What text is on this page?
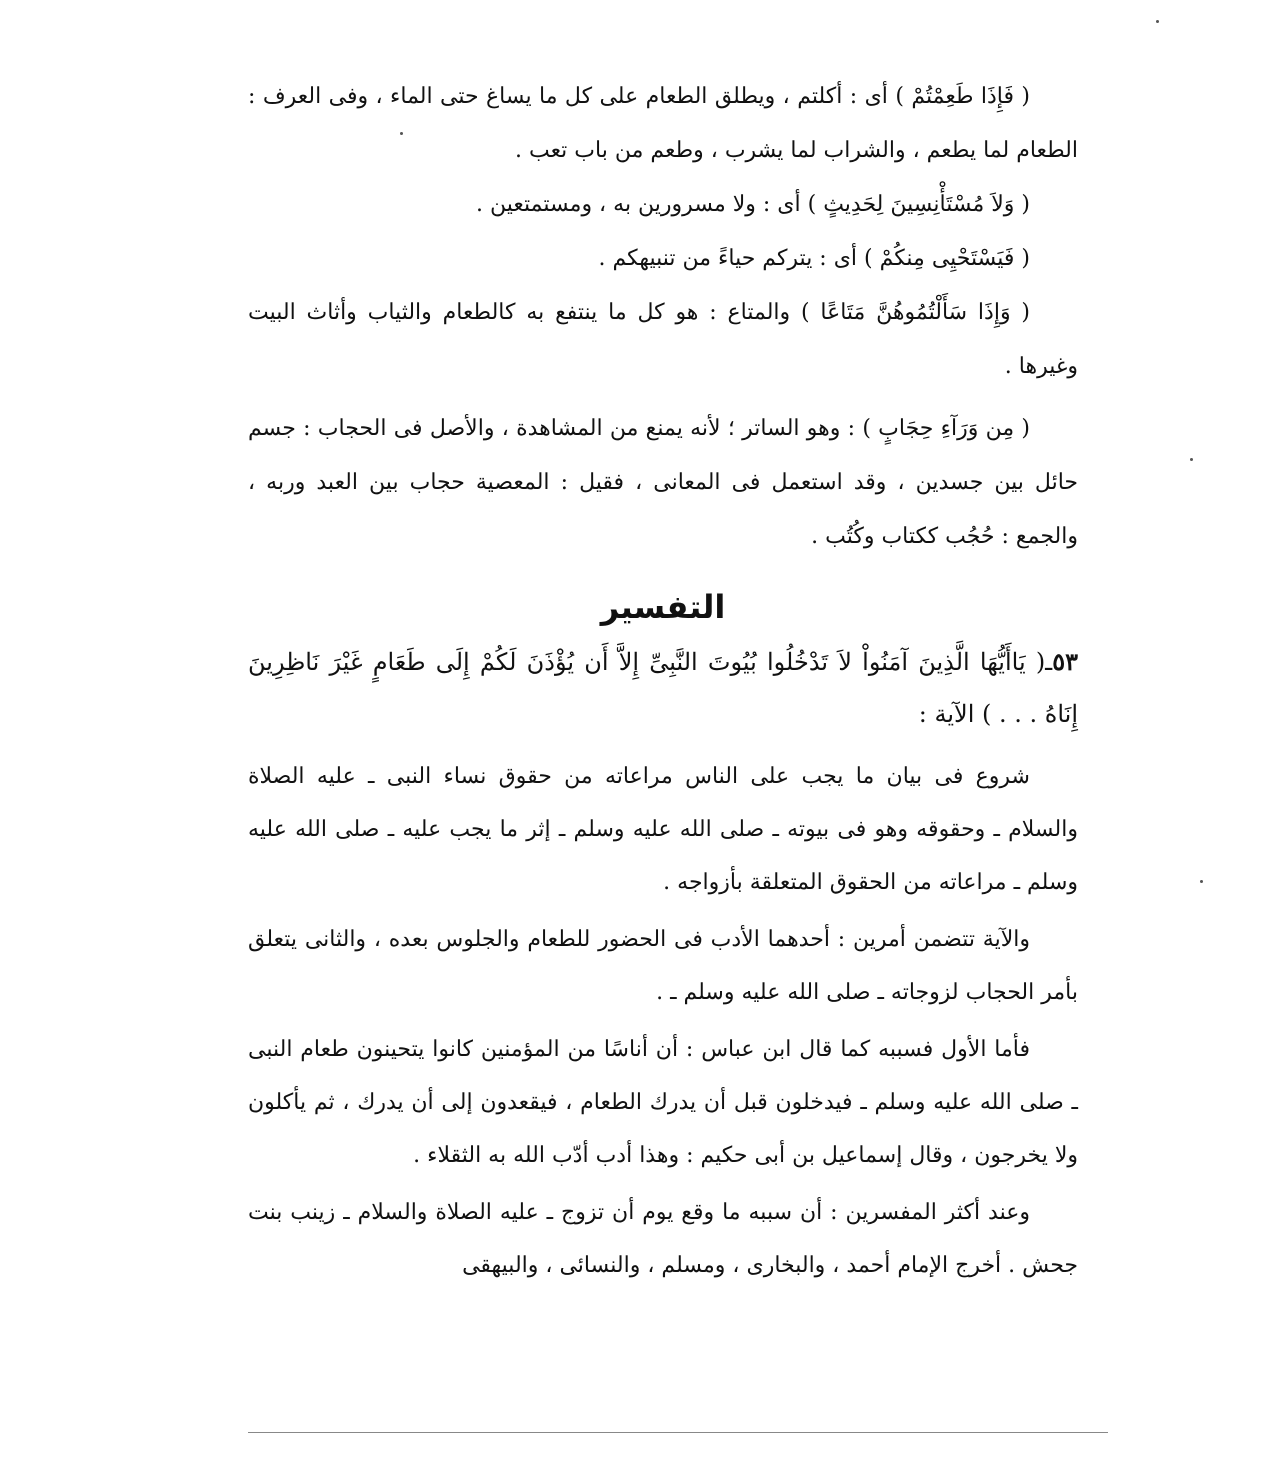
( فَإِذَا طَعِمْتُمْ ) أى : أكلتم ، ويطلق الطعام على كل ما يساغ حتى الماء ، وفى العرف : الطعام لما يطعم ، والشراب لما يشرب ، وطعم من باب تعب .

( وَلاَ مُسْتَأْنِسِينَ لِحَدِيثٍ ) أى : ولا مسرورين به ، ومستمتعين .

( فَيَسْتَحْيِى مِنكُمْ ) أى : يتركم حياءً من تنبيهكم .

( وَإِذَا سَأَلْتُمُوهُنَّ مَتَاعًا ) والمتاع : هو كل ما ينتفع به كالطعام والثياب وأثاث البيت وغيرها .

( مِن وَرَآءِ حِجَابٍ ) : وهو الساتر ؛ لأنه يمنع من المشاهدة ، والأصل فى الحجاب : جسم حائل بين جسدين ، وقد استعمل فى المعانى ، فقيل : المعصية حجاب بين العبد وربه ، والجمع : حُجُب ككتاب وكُتُب .

التفسير

٥٣ـ( يَاأَيُّهَا الَّذِينَ آمَنُواْ لاَ تَدْخُلُوا بُيُوتَ النَّبِىِّ إِلاَّ أَن يُؤْذَنَ لَكُمْ إِلَى طَعَامٍ غَيْرَ نَاظِرِينَ إِنَاهُ . . . ) الآية :

شروع فى بيان ما يجب على الناس مراعاته من حقوق نساء النبى ـ عليه الصلاة والسلام ـ وحقوقه وهو فى بيوته ـ صلى الله عليه وسلم ـ إثر ما يجب عليه ـ صلى الله عليه وسلم ـ مراعاته من الحقوق المتعلقة بأزواجه .

والآية تتضمن أمرين : أحدهما الأدب فى الحضور للطعام والجلوس بعده ، والثانى يتعلق بأمر الحجاب لزوجاته ـ صلى الله عليه وسلم ـ .

فأما الأول فسببه كما قال ابن عباس : أن أناسًا من المؤمنين كانوا يتحينون طعام النبى ـ صلى الله عليه وسلم ـ فيدخلون قبل أن يدرك الطعام ، فيقعدون إلى أن يدرك ، ثم يأكلون ولا يخرجون ، وقال إسماعيل بن أبى حكيم : وهذا أدب أدّب الله به الثقلاء .

وعند أكثر المفسرين : أن سببه ما وقع يوم أن تزوج ـ عليه الصلاة والسلام ـ زينب بنت جحش . أخرج الإمام أحمد ، والبخارى ، ومسلم ، والنسائى ، والبيهقى
